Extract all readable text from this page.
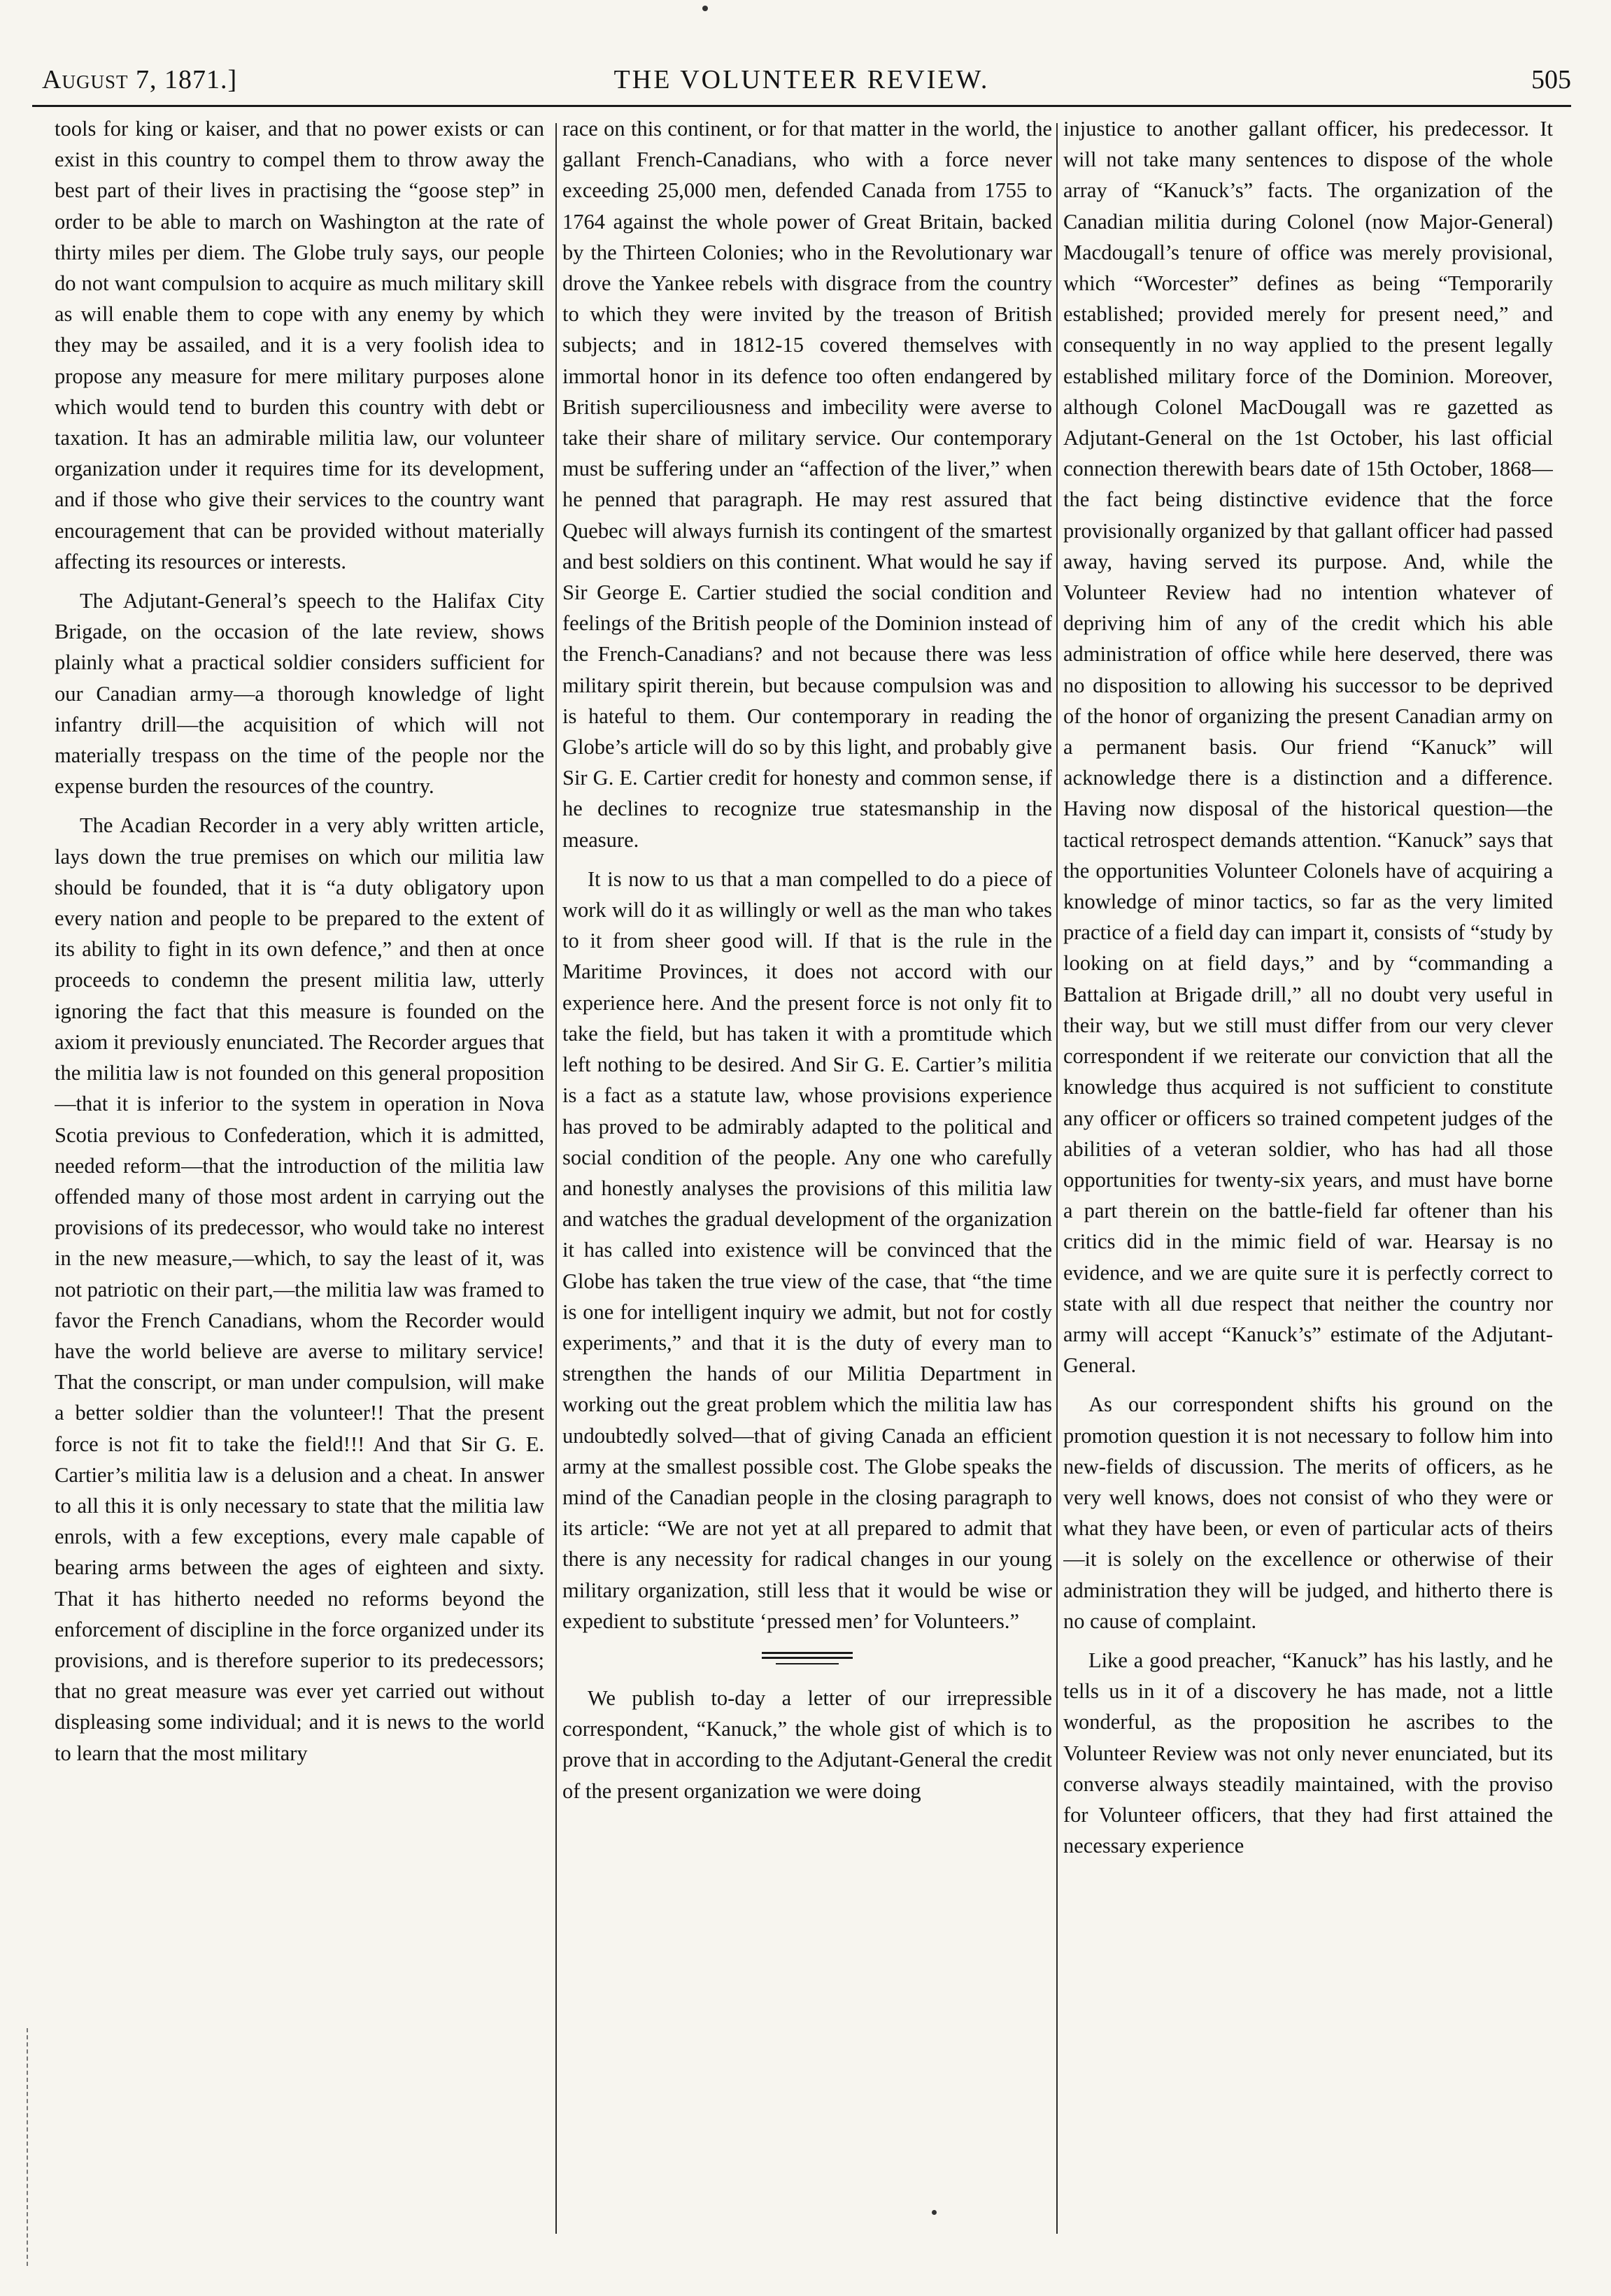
August 7, 1871.]	THE VOLUNTEER REVIEW.	505

tools for king or kaiser, and that no power exists or can exist in this country to compel them to throw away the best part of their lives in practising the “goose step” in order to be able to march on Washington at the rate of thirty miles per diem. The Globe truly says, our people do not want compulsion to acquire as much military skill as will enable them to cope with any enemy by which they may be assailed, and it is a very foolish idea to propose any measure for mere military purposes alone which would tend to burden this country with debt or taxation. It has an admirable militia law, our volunteer organization under it requires time for its development, and if those who give their services to the country want encouragement that can be provided without materially affecting its resources or interests.

The Adjutant-General’s speech to the Halifax City Brigade, on the occasion of the late review, shows plainly what a practical soldier considers sufficient for our Canadian army—a thorough knowledge of light infantry drill—the acquisition of which will not materially trespass on the time of the people nor the expense burden the resources of the country.

The Acadian Recorder in a very ably written article, lays down the true premises on which our militia law should be founded, that it is “a duty obligatory upon every nation and people to be prepared to the extent of its ability to fight in its own defence,” and then at once proceeds to condemn the present militia law, utterly ignoring the fact that this measure is founded on the axiom it previously enunciated. The Recorder argues that the militia law is not founded on this general proposition—that it is inferior to the system in operation in Nova Scotia previous to Confederation, which it is admitted, needed reform—that the introduction of the militia law offended many of those most ardent in carrying out the provisions of its predecessor, who would take no interest in the new measure,—which, to say the least of it, was not patriotic on their part,—the militia law was framed to favor the French Canadians, whom the Recorder would have the world believe are averse to military service! That the conscript, or man under compulsion, will make a better soldier than the volunteer!! That the present force is not fit to take the field!!! And that Sir G. E. Cartier’s militia law is a delusion and a cheat. In answer to all this it is only necessary to state that the militia law enrols, with a few exceptions, every male capable of bearing arms between the ages of eighteen and sixty. That it has hitherto needed no reforms beyond the enforcement of discipline in the force organized under its provisions, and is therefore superior to its predecessors; that no great measure was ever yet carried out without displeasing some individual; and it is news to the world to learn that the most military

race on this continent, or for that matter in the world, the gallant French-Canadians, who with a force never exceeding 25,000 men, defended Canada from 1755 to 1764 against the whole power of Great Britain, backed by the Thirteen Colonies; who in the Revolutionary war drove the Yankee rebels with disgrace from the country to which they were invited by the treason of British subjects; and in 1812-15 covered themselves with immortal honor in its defence too often endangered by British superciliousness and imbecility were averse to take their share of military service. Our contemporary must be suffering under an “affection of the liver,” when he penned that paragraph. He may rest assured that Quebec will always furnish its contingent of the smartest and best soldiers on this continent. What would he say if Sir George E. Cartier studied the social condition and feelings of the British people of the Dominion instead of the French-Canadians? and not because there was less military spirit therein, but because compulsion was and is hateful to them. Our contemporary in reading the Globe’s article will do so by this light, and probably give Sir G. E. Cartier credit for honesty and common sense, if he declines to recognize true statesmanship in the measure.

It is now to us that a man compelled to do a piece of work will do it as willingly or well as the man who takes to it from sheer good will. If that is the rule in the Maritime Provinces, it does not accord with our experience here. And the present force is not only fit to take the field, but has taken it with a promtitude which left nothing to be desired. And Sir G. E. Cartier’s militia is a fact as a statute law, whose provisions experience has proved to be admirably adapted to the political and social condition of the people. Any one who carefully and honestly analyses the provisions of this militia law and watches the gradual development of the organization it has called into existence will be convinced that the Globe has taken the true view of the case, that “the time is one for intelligent inquiry we admit, but not for costly experiments,” and that it is the duty of every man to strengthen the hands of our Militia Department in working out the great problem which the militia law has undoubtedly solved—that of giving Canada an efficient army at the smallest possible cost. The Globe speaks the mind of the Canadian people in the closing paragraph to its article: “We are not yet at all prepared to admit that there is any necessity for radical changes in our young military organization, still less that it would be wise or expedient to substitute ‘pressed men’ for Volunteers.”

We publish to-day a letter of our irrepressible correspondent, “Kanuck,” the whole gist of which is to prove that in according to the Adjutant-General the credit of the present organization we were doing

injustice to another gallant officer, his predecessor. It will not take many sentences to dispose of the whole array of “Kanuck’s” facts. The organization of the Canadian militia during Colonel (now Major-General) Macdougall’s tenure of office was merely provisional, which “Worcester” defines as being “Temporarily established; provided merely for present need,” and consequently in no way applied to the present legally established military force of the Dominion. Moreover, although Colonel MacDougall was re gazetted as Adjutant-General on the 1st October, his last official connection therewith bears date of 15th October, 1868—the fact being distinctive evidence that the force provisionally organized by that gallant officer had passed away, having served its purpose. And, while the Volunteer Review had no intention whatever of depriving him of any of the credit which his able administration of office while here deserved, there was no disposition to allowing his successor to be deprived of the honor of organizing the present Canadian army on a permanent basis. Our friend “Kanuck” will acknowledge there is a distinction and a difference. Having now disposal of the historical question—the tactical retrospect demands attention. “Kanuck” says that the opportunities Volunteer Colonels have of acquiring a knowledge of minor tactics, so far as the very limited practice of a field day can impart it, consists of “study by looking on at field days,” and by “commanding a Battalion at Brigade drill,” all no doubt very useful in their way, but we still must differ from our very clever correspondent if we reiterate our conviction that all the knowledge thus acquired is not sufficient to constitute any officer or officers so trained competent judges of the abilities of a veteran soldier, who has had all those opportunities for twenty-six years, and must have borne a part therein on the battle-field far oftener than his critics did in the mimic field of war. Hearsay is no evidence, and we are quite sure it is perfectly correct to state with all due respect that neither the country nor army will accept “Kanuck’s” estimate of the Adjutant-General.

As our correspondent shifts his ground on the promotion question it is not necessary to follow him into new-fields of discussion. The merits of officers, as he very well knows, does not consist of who they were or what they have been, or even of particular acts of theirs—it is solely on the excellence or otherwise of their administration they will be judged, and hitherto there is no cause of complaint.

Like a good preacher, “Kanuck” has his lastly, and he tells us in it of a discovery he has made, not a little wonderful, as the proposition he ascribes to the Volunteer Review was not only never enunciated, but its converse always steadily maintained, with the proviso for Volunteer officers, that they had first attained the necessary experience
